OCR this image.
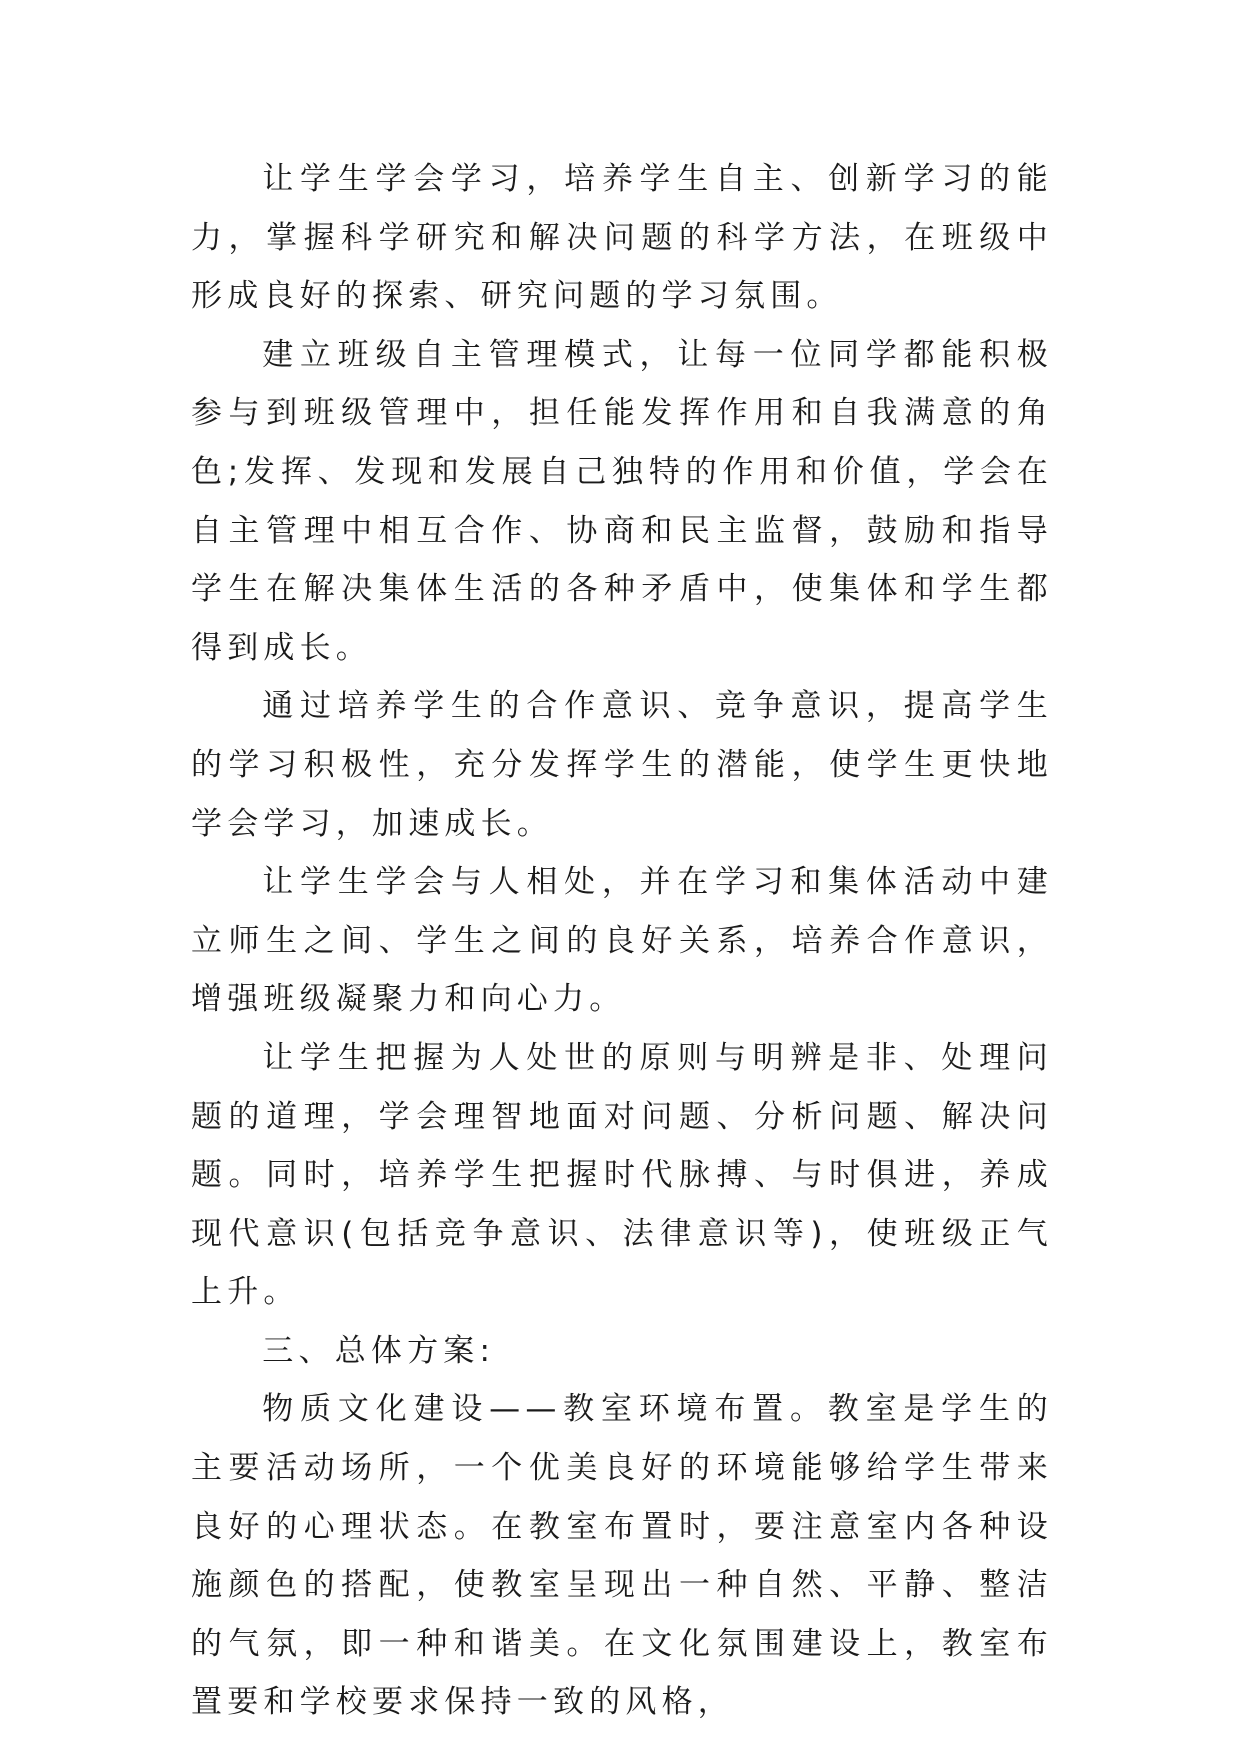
让学生学会学习，培养学生自主、创新学习的能力，掌握科学研究和解决问题的科学方法，在班级中形成良好的探索、研究问题的学习氛围。

建立班级自主管理模式，让每一位同学都能积极参与到班级管理中，担任能发挥作用和自我满意的角色;发挥、发现和发展自己独特的作用和价值，学会在自主管理中相互合作、协商和民主监督，鼓励和指导学生在解决集体生活的各种矛盾中，使集体和学生都得到成长。

通过培养学生的合作意识、竞争意识，提高学生的学习积极性，充分发挥学生的潜能，使学生更快地学会学习，加速成长。

让学生学会与人相处，并在学习和集体活动中建立师生之间、学生之间的良好关系，培养合作意识，增强班级凝聚力和向心力。

让学生把握为人处世的原则与明辨是非、处理问题的道理，学会理智地面对问题、分析问题、解决问题。同时，培养学生把握时代脉搏、与时俱进，养成现代意识(包括竞争意识、法律意识等)，使班级正气上升。

三、总体方案:

物质文化建设——教室环境布置。教室是学生的主要活动场所，一个优美良好的环境能够给学生带来良好的心理状态。在教室布置时，要注意室内各种设施颜色的搭配，使教室呈现出一种自然、平静、整洁的气氛，即一种和谐美。在文化氛围建设上，教室布置要和学校要求保持一致的风格，
